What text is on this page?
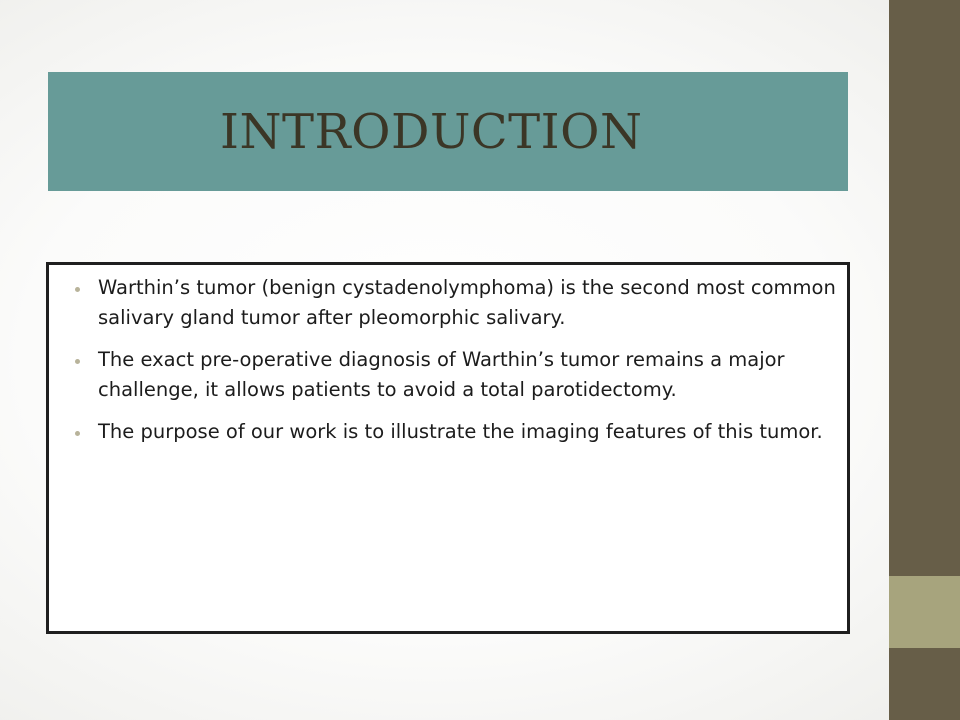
INTRODUCTION
Warthin’s tumor (benign cystadenolymphoma) is the second most common salivary gland tumor after pleomorphic salivary.
The exact pre-operative diagnosis of Warthin’s tumor remains a major challenge, it allows patients to avoid a total parotidectomy.
The purpose of our work is to illustrate the imaging features of this tumor.
